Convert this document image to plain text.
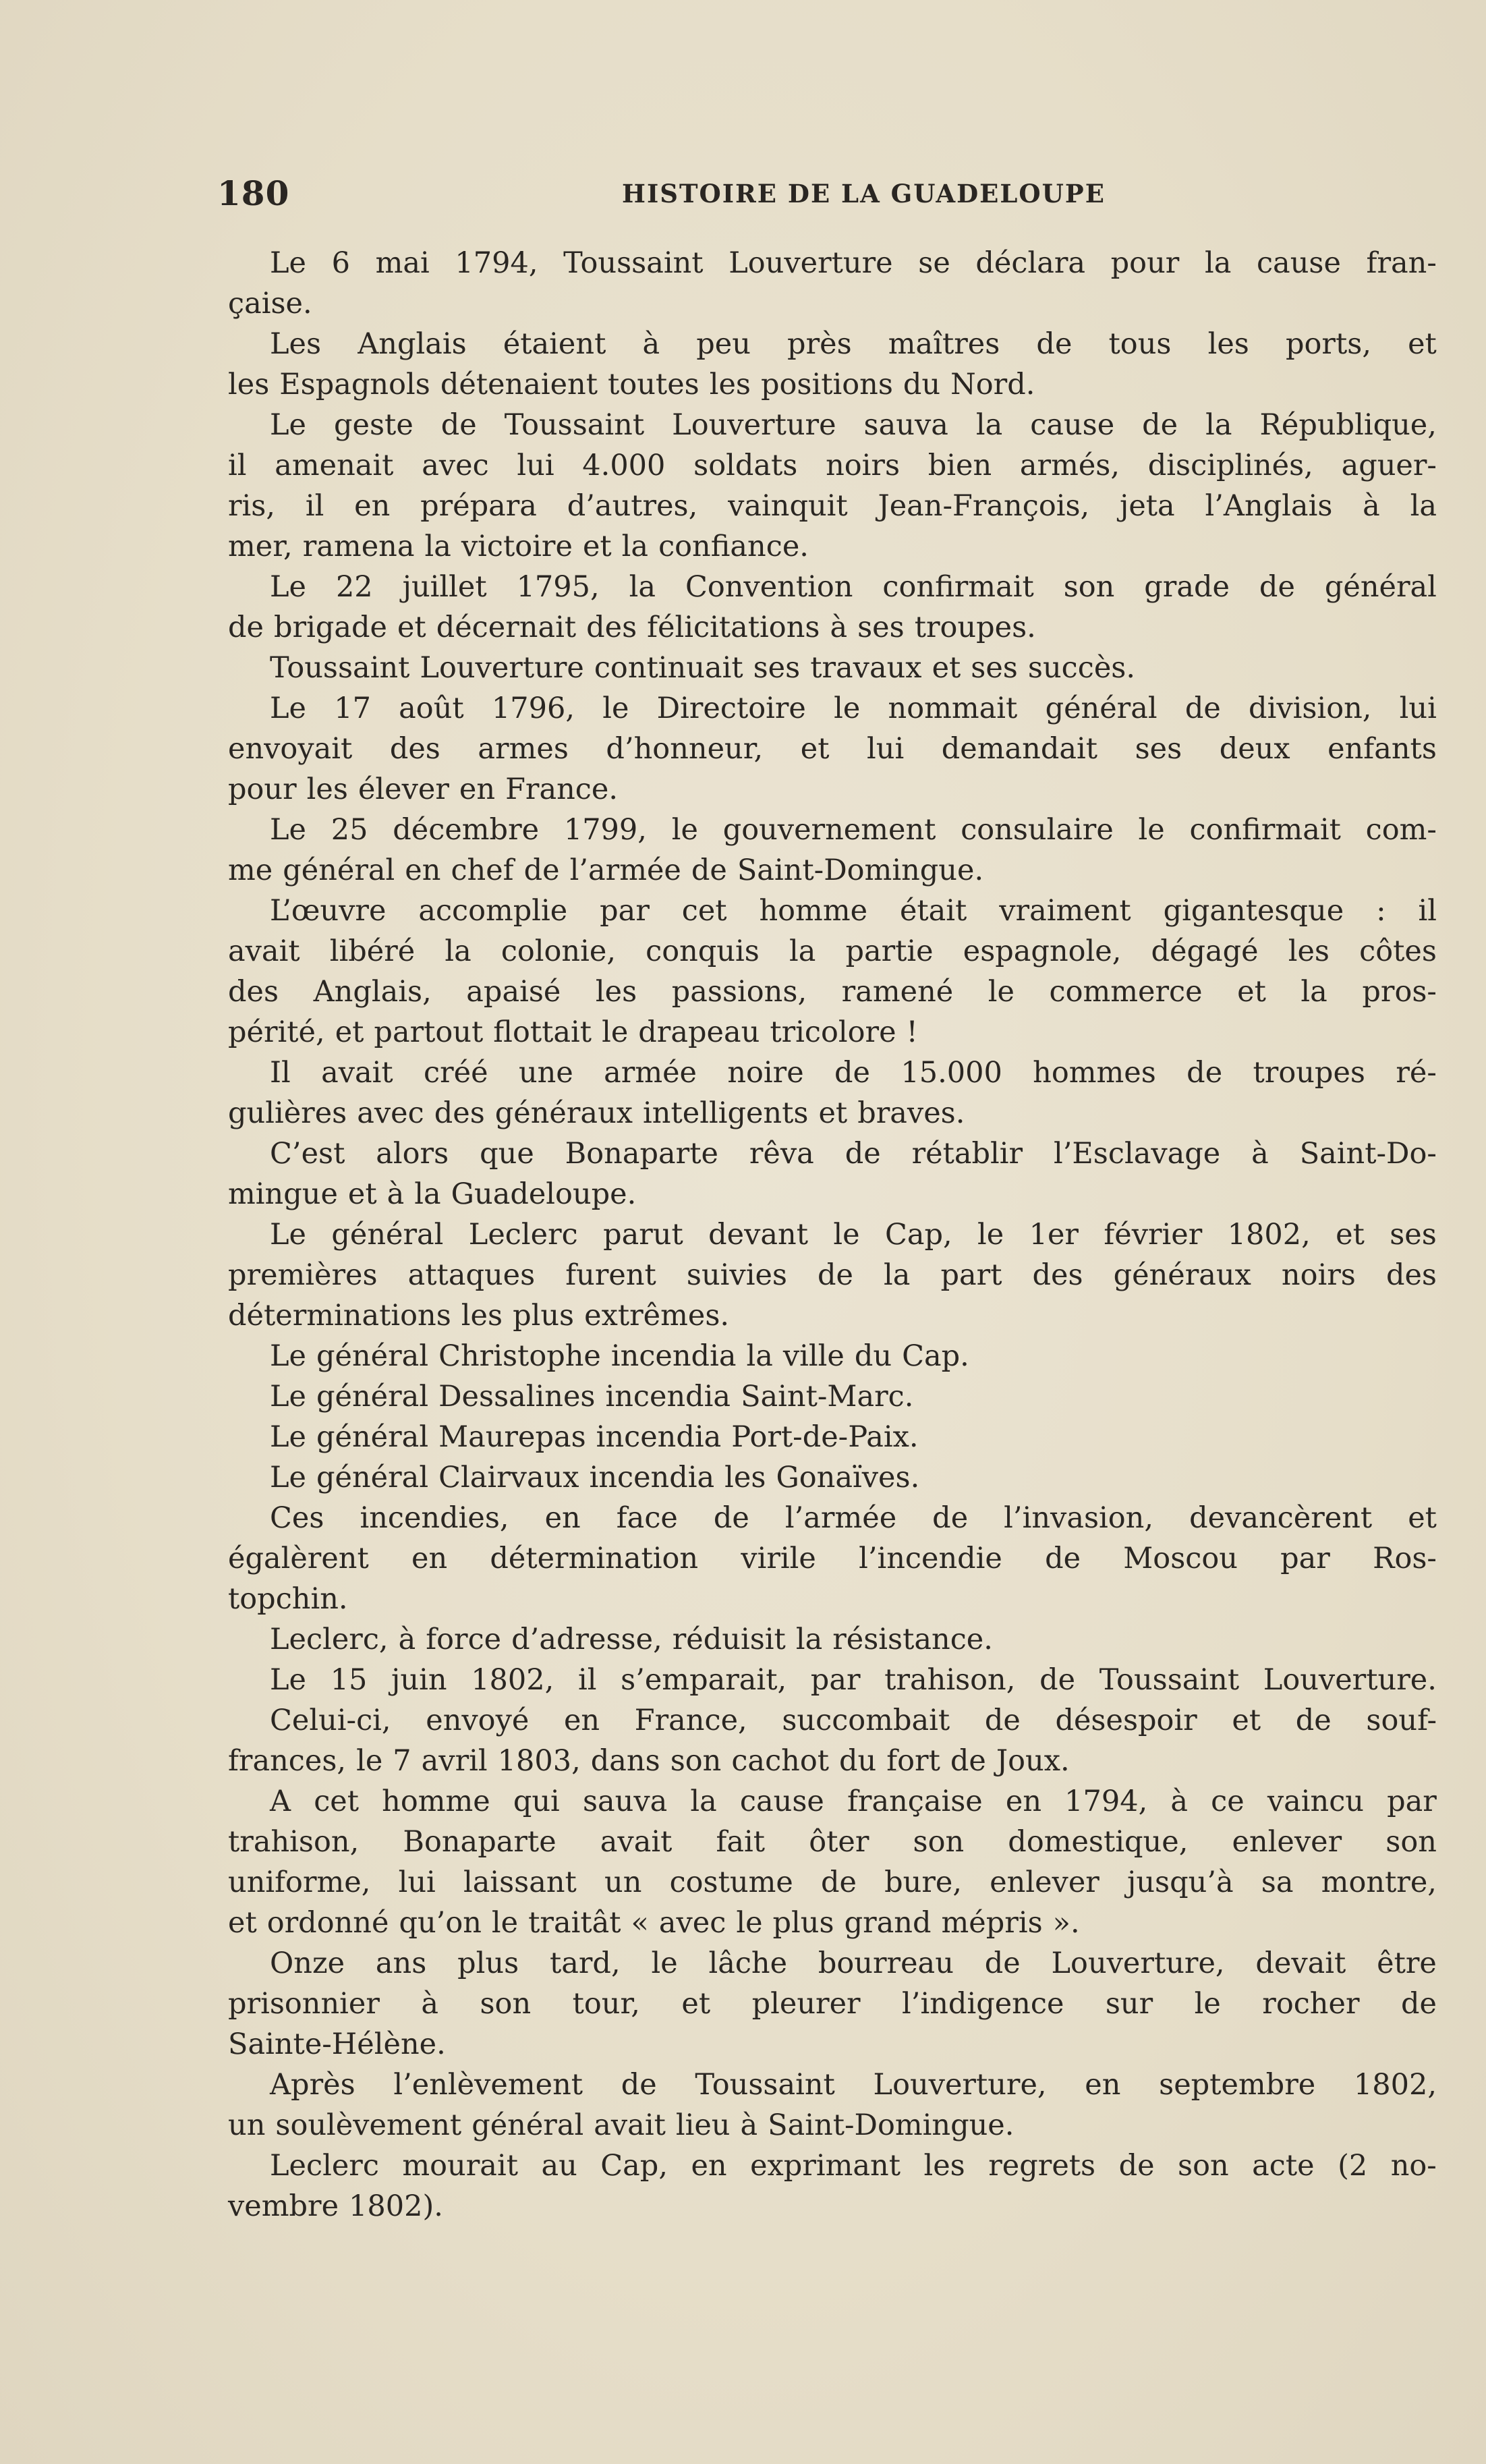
180	HISTOIRE DE LA GUADELOUPE
Le 6 mai 1794, Toussaint Louverture se déclara pour la cause fran-
çaise.
Les Anglais étaient à peu près maîtres de tous les ports, et
les Espagnols détenaient toutes les positions du Nord.
Le geste de Toussaint Louverture sauva la cause de la République,
il amenait avec lui 4.000 soldats noirs bien armés, disciplinés, aguer-
ris, il en prépara d’autres, vainquit Jean-François, jeta l’Anglais à la
mer, ramena la victoire et la confiance.
Le 22 juillet 1795, la Convention confirmait son grade de général
de brigade et décernait des félicitations à ses troupes.
Toussaint Louverture continuait ses travaux et ses succès.
Le 17 août 1796, le Directoire le nommait général de division, lui
envoyait des armes d’honneur, et lui demandait ses deux enfants
pour les élever en France.
Le 25 décembre 1799, le gouvernement consulaire le confirmait com-
me général en chef de l’armée de Saint-Domingue.
L’œuvre accomplie par cet homme était vraiment gigantesque : il
avait libéré la colonie, conquis la partie espagnole, dégagé les côtes
des Anglais, apaisé les passions, ramené le commerce et la pros-
périté, et partout flottait le drapeau tricolore !
Il avait créé une armée noire de 15.000 hommes de troupes ré-
gulières avec des généraux intelligents et braves.
C’est alors que Bonaparte rêva de rétablir l’Esclavage à Saint-Do-
mingue et à la Guadeloupe.
Le général Leclerc parut devant le Cap, le 1er février 1802, et ses
premières attaques furent suivies de la part des généraux noirs des
déterminations les plus extrêmes.
Le général Christophe incendia la ville du Cap.
Le général Dessalines incendia Saint-Marc.
Le général Maurepas incendia Port-de-Paix.
Le général Clairvaux incendia les Gonaïves.
Ces incendies, en face de l’armée de l’invasion, devancèrent et
égalèrent en détermination virile l’incendie de Moscou par Ros-
topchin.
Leclerc, à force d’adresse, réduisit la résistance.
Le 15 juin 1802, il s’emparait, par trahison, de Toussaint Louverture.
Celui-ci, envoyé en France, succombait de désespoir et de souf-
frances, le 7 avril 1803, dans son cachot du fort de Joux.
A cet homme qui sauva la cause française en 1794, à ce vaincu par
trahison, Bonaparte avait fait ôter son domestique, enlever son
uniforme, lui laissant un costume de bure, enlever jusqu’à sa montre,
et ordonné qu’on le traitât « avec le plus grand mépris ».
Onze ans plus tard, le lâche bourreau de Louverture, devait être
prisonnier à son tour, et pleurer l’indigence sur le rocher de
Sainte-Hélène.
Après l’enlèvement de Toussaint Louverture, en septembre 1802,
un soulèvement général avait lieu à Saint-Domingue.
Leclerc mourait au Cap, en exprimant les regrets de son acte (2 no-
vembre 1802).
